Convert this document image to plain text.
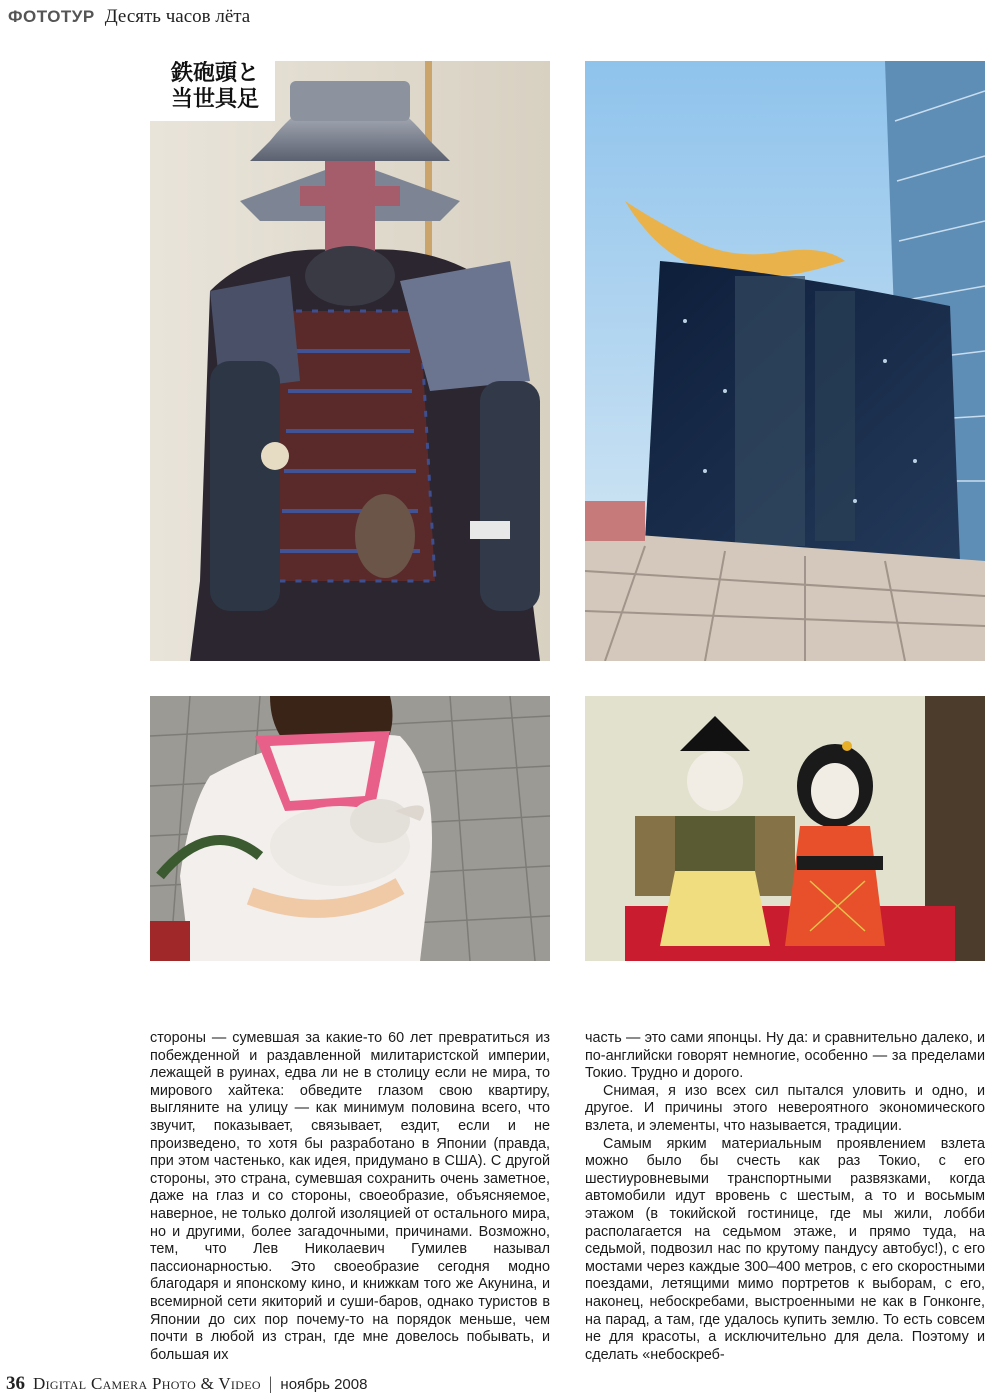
ФОТОТУР Десять часов лёта
鉄砲頭と
当世具足

стороны — сумевшая за какие-то 60 лет превратиться из побежденной и раздавленной милитаристской империи, лежащей в руинах, едва ли не в столицу если не мира, то мирового хайтека: обведите глазом свою квартиру, выгляните на улицу — как минимум половина всего, что звучит, показывает, связывает, ездит, если и не произведено, то хотя бы разработано в Японии (правда, при этом частенько, как идея, придумано в США). С другой стороны, это страна, сумевшая сохранить очень заметное, даже на глаз и со стороны, своеобразие, объясняемое, наверное, не только долгой изоляцией от остального мира, но и другими, более загадочными, причинами. Возможно, тем, что Лев Николаевич Гумилев называл пассионарностью. Это своеобразие сегодня модно благодаря и японскому кино, и книжкам того же Акунина, и всемирной сети якиторий и суши-баров, однако туристов в Японии до сих пор почему-то на порядок меньше, чем почти в любой из стран, где мне довелось побывать, и большая их

часть — это сами японцы. Ну да: и сравнительно далеко, и по-английски говорят немногие, особенно — за пределами Токио. Трудно и дорого.

Снимая, я изо всех сил пытался уловить и одно, и другое. И причины этого невероятного экономического взлета, и элементы, что называется, традиции.

Самым ярким материальным проявлением взлета можно было бы счесть как раз Токио, с его шестиуровневыми транспортными развязками, когда автомобили идут вровень с шестым, а то и восьмым этажом (в токийской гостинице, где мы жили, лобби располагается на седьмом этаже, и прямо туда, на седьмой, подвозил нас по крутому пандусу автобус!), с его мостами через каждые 300–400 метров, с его скоростными поездами, летящими мимо портретов к выборам, с его, наконец, небоскребами, выстроенными не как в Гонконге, на парад, а там, где удалось купить землю. То есть совсем не для красоты, а исключительно для дела. Поэтому и сделать «небоскреб-

36 Digital Camera Photo & Video | ноябрь 2008
